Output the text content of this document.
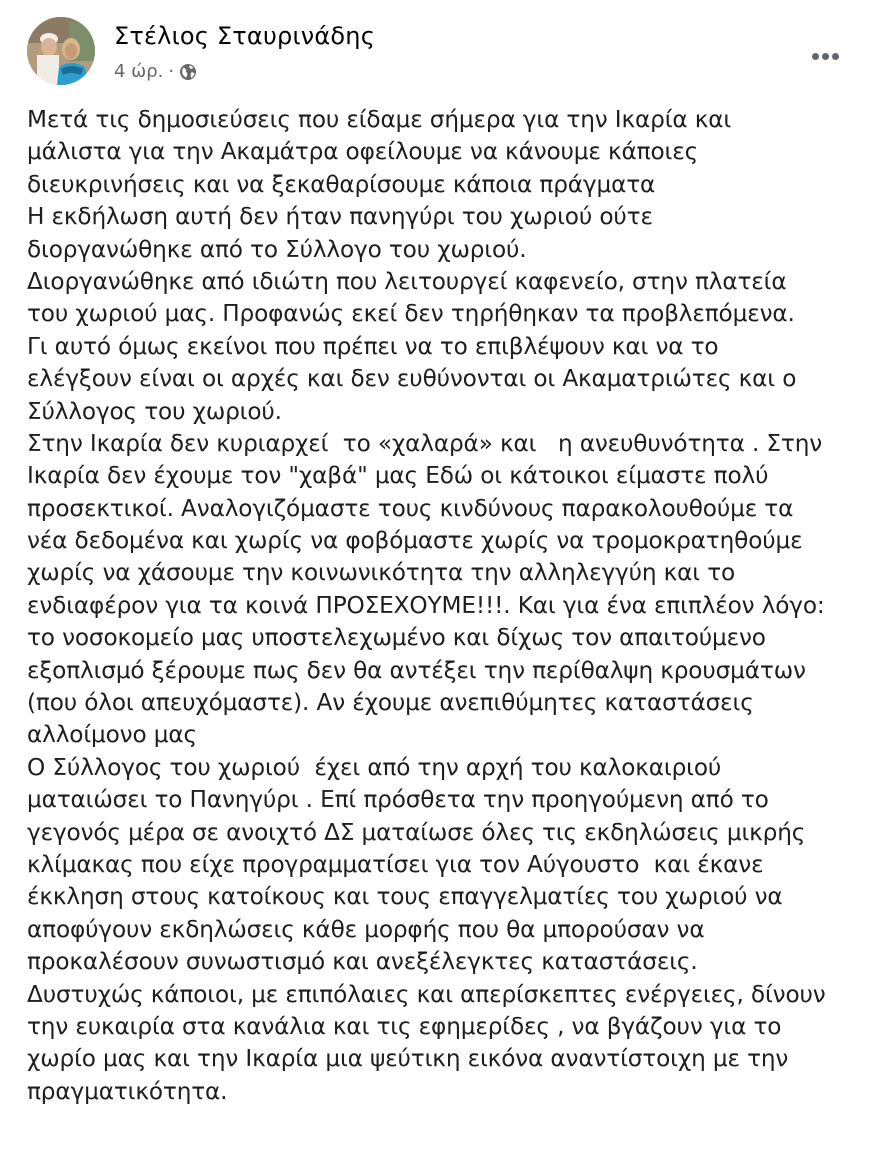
Στέλιος Σταυρινάδης
4 ώρ. ·
Μετά τις δημοσιεύσεις που είδαμε σήμερα για την Ικαρία και
μάλιστα για την Ακαμάτρα οφείλουμε να κάνουμε κάποιες
διευκρινήσεις και να ξεκαθαρίσουμε κάποια πράγματα
Η εκδήλωση αυτή δεν ήταν πανηγύρι του χωριού ούτε
διοργανώθηκε από το Σύλλογο του χωριού.
Διοργανώθηκε από ιδιώτη που λειτουργεί καφενείο, στην πλατεία
του χωριού μας. Προφανώς εκεί δεν τηρήθηκαν τα προβλεπόμενα.
Γι αυτό όμως εκείνοι που πρέπει να το επιβλέψουν και να το
ελέγξουν είναι οι αρχές και δεν ευθύνονται οι Ακαματριώτες και ο
Σύλλογος του χωριού.
Στην Ικαρία δεν κυριαρχεί  το «χαλαρά» και   η ανευθυνότητα . Στην
Ικαρία δεν έχουμε τον "χαβά" μας Εδώ οι κάτοικοι είμαστε πολύ
προσεκτικοί. Αναλογιζόμαστε τους κινδύνους παρακολουθούμε τα
νέα δεδομένα και χωρίς να φοβόμαστε χωρίς να τρομοκρατηθούμε
χωρίς να χάσουμε την κοινωνικότητα την αλληλεγγύη και το
ενδιαφέρον για τα κοινά ΠΡΟΣΕΧΟΥΜΕ!!!. Και για ένα επιπλέον λόγο:
το νοσοκομείο μας υποστελεχωμένο και δίχως τον απαιτούμενο
εξοπλισμό ξέρουμε πως δεν θα αντέξει την περίθαλψη κρουσμάτων
(που όλοι απευχόμαστε). Αν έχουμε ανεπιθύμητες καταστάσεις
αλλοίμονο μας
Ο Σύλλογος του χωριού  έχει από την αρχή του καλοκαιριού
ματαιώσει το Πανηγύρι . Επί πρόσθετα την προηγούμενη από το
γεγονός μέρα σε ανοιχτό ΔΣ ματαίωσε όλες τις εκδηλώσεις μικρής
κλίμακας που είχε προγραμματίσει για τον Αύγουστο  και έκανε
έκκληση στους κατοίκους και τους επαγγελματίες του χωριού να
αποφύγουν εκδηλώσεις κάθε μορφής που θα μπορούσαν να
προκαλέσουν συνωστισμό και ανεξέλεγκτες καταστάσεις.
Δυστυχώς κάποιοι, με επιπόλαιες και απερίσκεπτες ενέργειες, δίνουν
την ευκαιρία στα κανάλια και τις εφημερίδες , να βγάζουν για το
χωρίο μας και την Ικαρία μια ψεύτικη εικόνα αναντίστοιχη με την
πραγματικότητα.
